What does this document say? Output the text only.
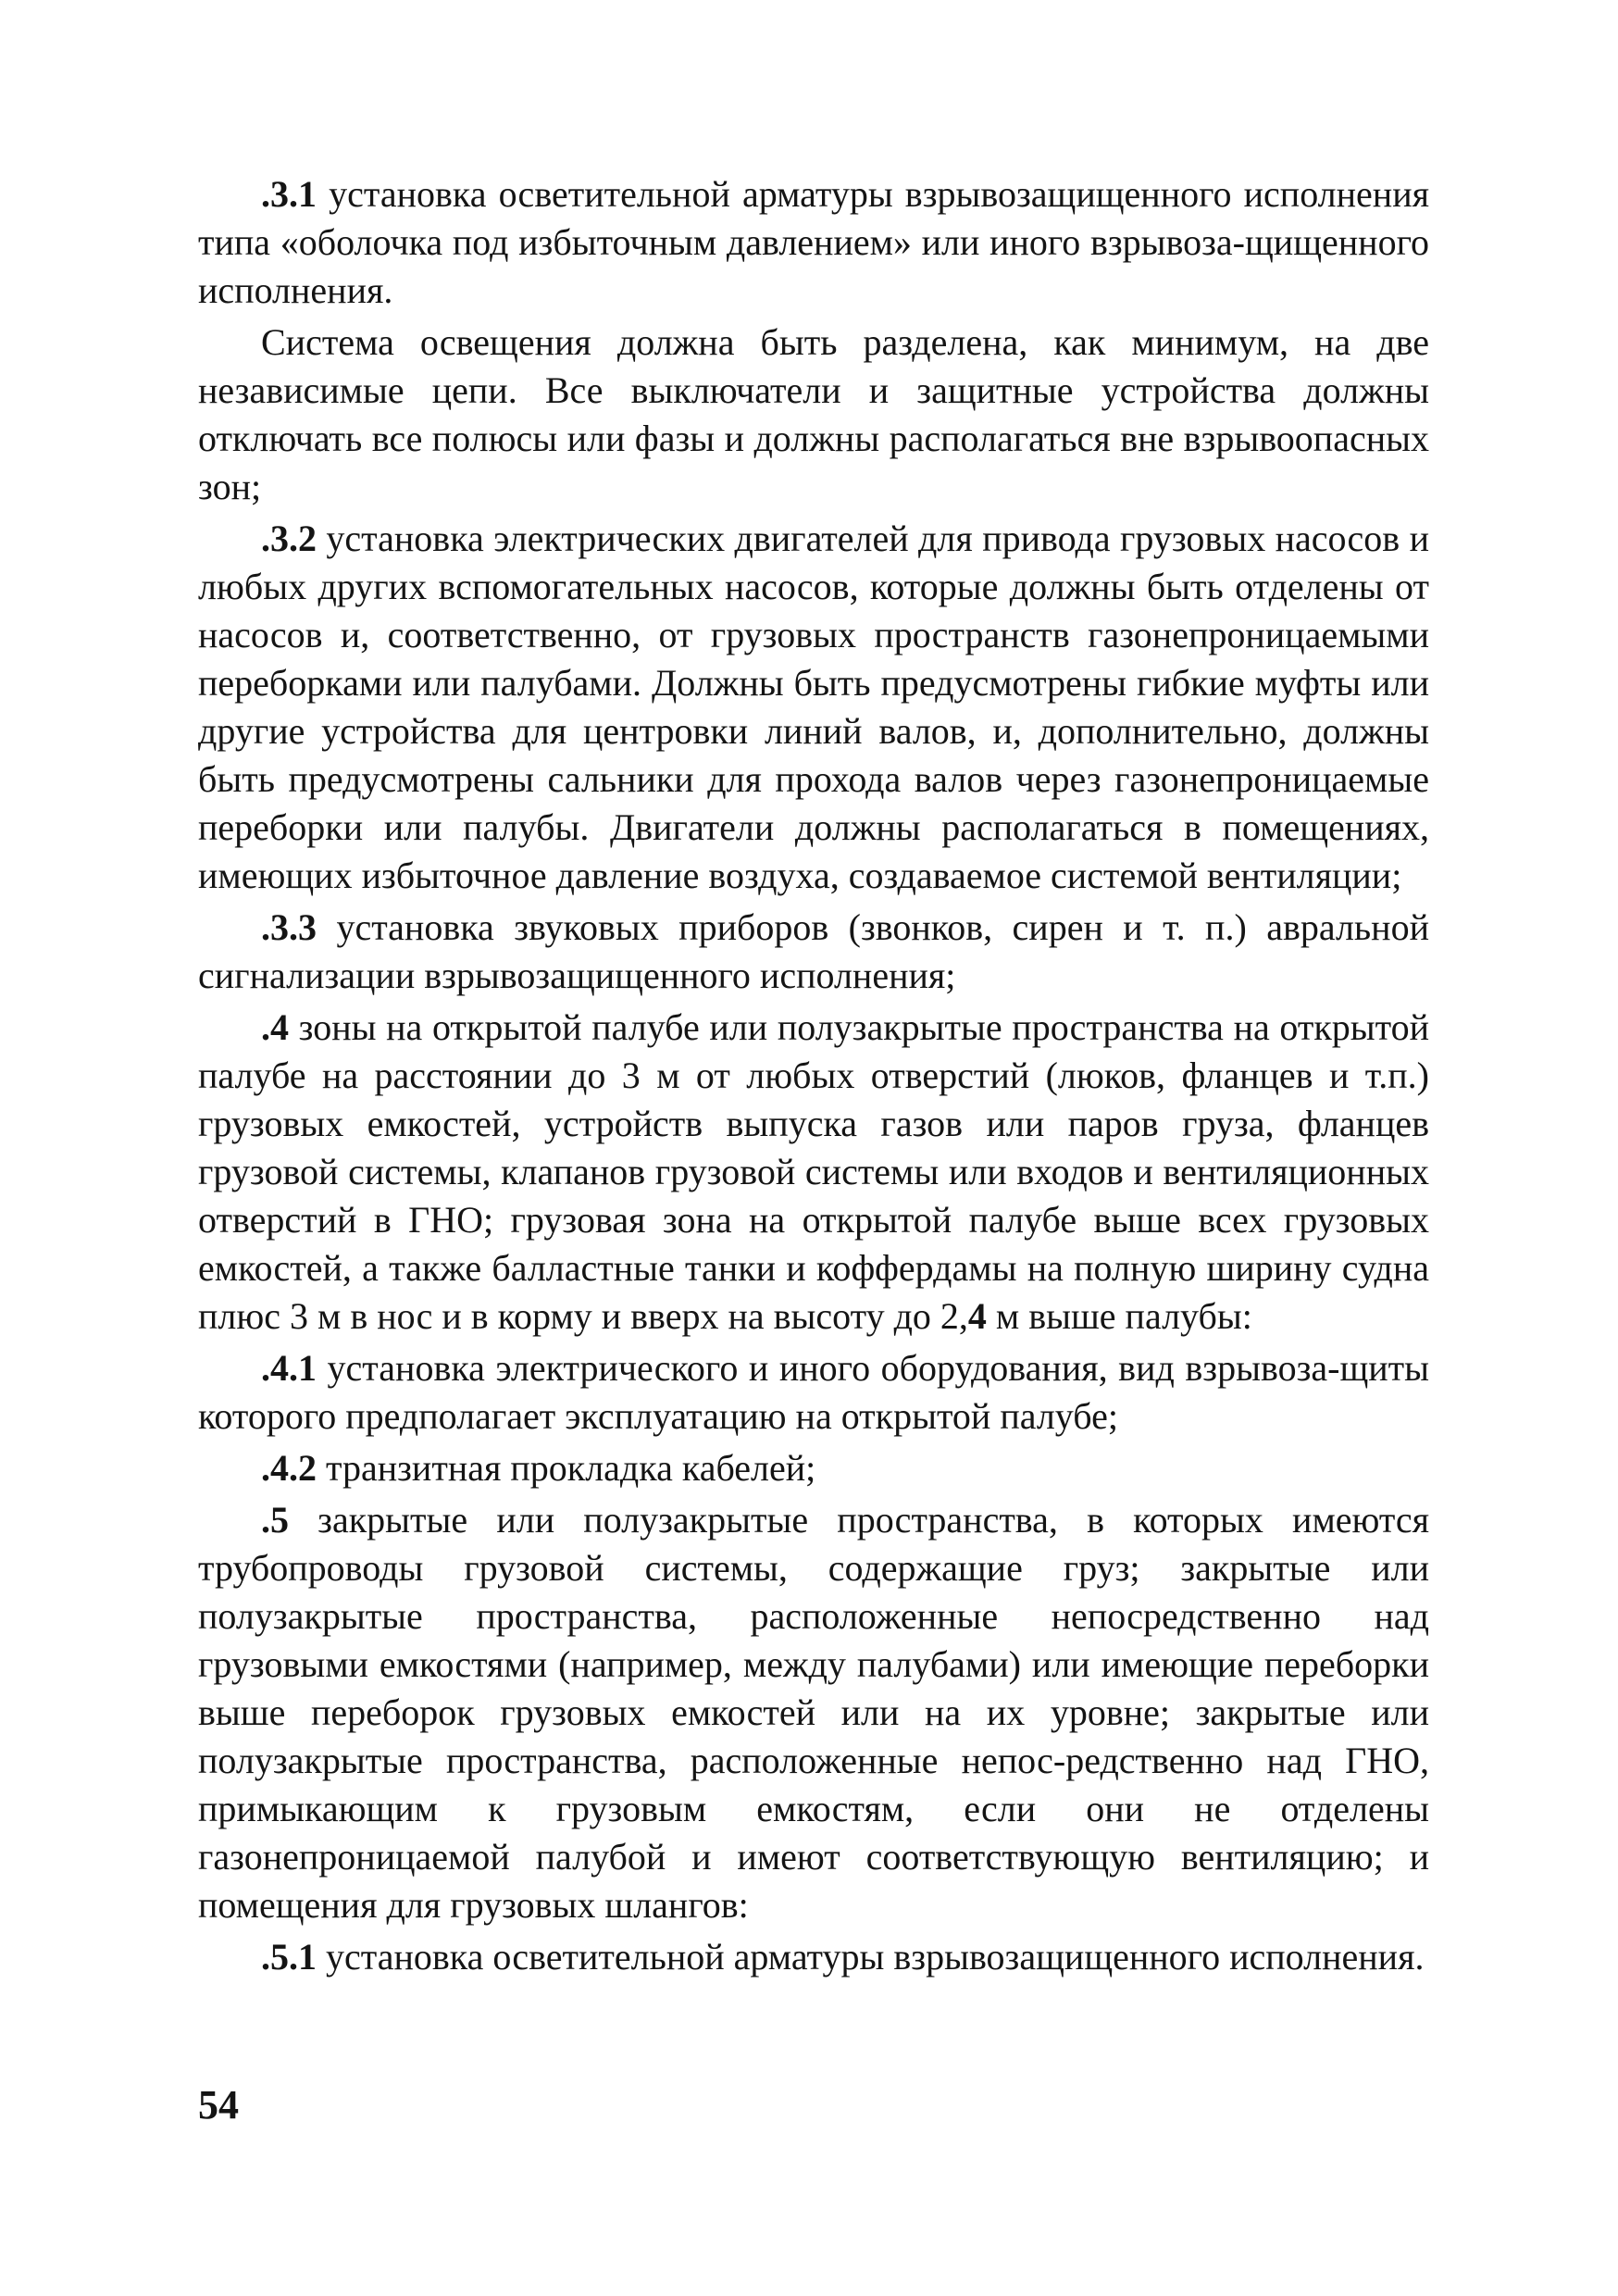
.3.1 установка осветительной арматуры взрывозащищенного исполнения типа «оболочка под избыточным давлением» или иного взрывоза-щищенного исполнения.

Система освещения должна быть разделена, как минимум, на две независимые цепи. Все выключатели и защитные устройства должны отключать все полюсы или фазы и должны располагаться вне взрывоопасных зон;

.3.2 установка электрических двигателей для привода грузовых насосов и любых других вспомогательных насосов, которые должны быть отделены от насосов и, соответственно, от грузовых пространств газонепроницаемыми переборками или палубами. Должны быть предусмотрены гибкие муфты или другие устройства для центровки линий валов, и, дополнительно, должны быть предусмотрены сальники для прохода валов через газонепроницаемые переборки или палубы. Двигатели должны располагаться в помещениях, имеющих избыточное давление воздуха, создаваемое системой вентиляции;

.3.3 установка звуковых приборов (звонков, сирен и т. п.) авральной сигнализации взрывозащищенного исполнения;

.4 зоны на открытой палубе или полузакрытые пространства на открытой палубе на расстоянии до 3 м от любых отверстий (люков, фланцев и т.п.) грузовых емкостей, устройств выпуска газов или паров груза, фланцев грузовой системы, клапанов грузовой системы или входов и вентиляционных отверстий в ГНО; грузовая зона на открытой палубе выше всех грузовых емкостей, а также балластные танки и коффердамы на полную ширину судна плюс 3 м в нос и в корму и вверх на высоту до 2,4 м выше палубы:

.4.1 установка электрического и иного оборудования, вид взрывоза-щиты которого предполагает эксплуатацию на открытой палубе;

.4.2 транзитная прокладка кабелей;

.5 закрытые или полузакрытые пространства, в которых имеются трубопроводы грузовой системы, содержащие груз; закрытые или полузакрытые пространства, расположенные непосредственно над грузовыми емкостями (например, между палубами) или имеющие переборки выше переборок грузовых емкостей или на их уровне; закрытые или полузакрытые пространства, расположенные непос-редственно над ГНО, примыкающим к грузовым емкостям, если они не отделены газонепроницаемой палубой и имеют соответствующую вентиляцию; и помещения для грузовых шлангов:

.5.1 установка осветительной арматуры взрывозащищенного исполнения.

54
